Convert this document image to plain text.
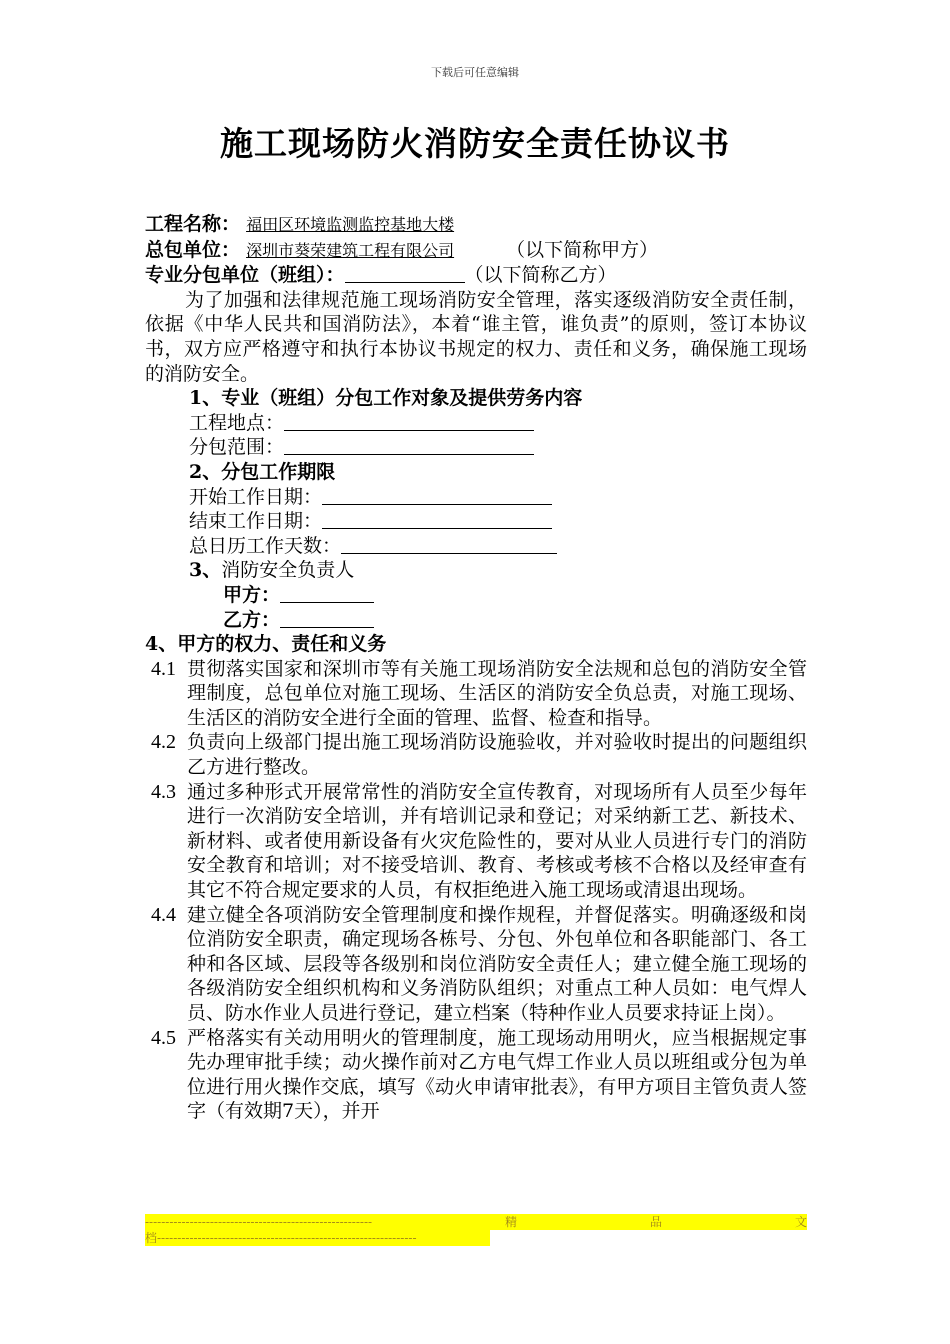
下载后可任意编辑
施工现场防火消防安全责任协议书
工程名称： 福田区环境监测监控基地大楼
总包单位： 深圳市葵荣建筑工程有限公司	（以下简称甲方）
专业分包单位（班组）：	（以下简称乙方）

为了加强和法律规范施工现场消防安全管理，落实逐级消防安全责任制，依据《中华人民共和国消防法》，本着“谁主管，谁负责”的原则，签订本协议书，双方应严格遵守和执行本协议书规定的权力、责任和义务，确保施工现场的消防安全。

1、专业（班组）分包工作对象及提供劳务内容
工程地点：
分包范围：
2、分包工作期限
开始工作日期：
结束工作日期：
总日历工作天数：
3、消防安全负责人
甲方：
乙方：
4、甲方的权力、责任和义务
4.1 贯彻落实国家和深圳市等有关施工现场消防安全法规和总包的消防安全管理制度，总包单位对施工现场、生活区的消防安全负总责，对施工现场、生活区的消防安全进行全面的管理、监督、检查和指导。
4.2 负责向上级部门提出施工现场消防设施验收，并对验收时提出的问题组织乙方进行整改。
4.3 通过多种形式开展常常性的消防安全宣传教育，对现场所有人员至少每年进行一次消防安全培训，并有培训记录和登记；对采纳新工艺、新技术、新材料、或者使用新设备有火灾危险性的，要对从业人员进行专门的消防安全教育和培训；对不接受培训、教育、考核或考核不合格以及经审查有其它不符合规定要求的人员，有权拒绝进入施工现场或清退出现场。
4.4 建立健全各项消防安全管理制度和操作规程，并督促落实。明确逐级和岗位消防安全职责，确定现场各栋号、分包、外包单位和各职能部门、各工种和各区域、层段等各级别和岗位消防安全责任人；建立健全施工现场的各级消防安全组织机构和义务消防队组织；对重点工种人员如：电气焊人员、防水作业人员进行登记，建立档案（特种作业人员要求持证上岗）。
4.5 严格落实有关动用明火的管理制度，施工现场动用明火，应当根据规定事先办理审批手续；动火操作前对乙方电气焊工作业人员以班组或分包为单位进行用火操作交底，填写《动火申请审批表》，有甲方项目主管负责人签字（有效期7天），并开
--------------------------------------------------------	精	品	文
档----------------------------------------------------------------
